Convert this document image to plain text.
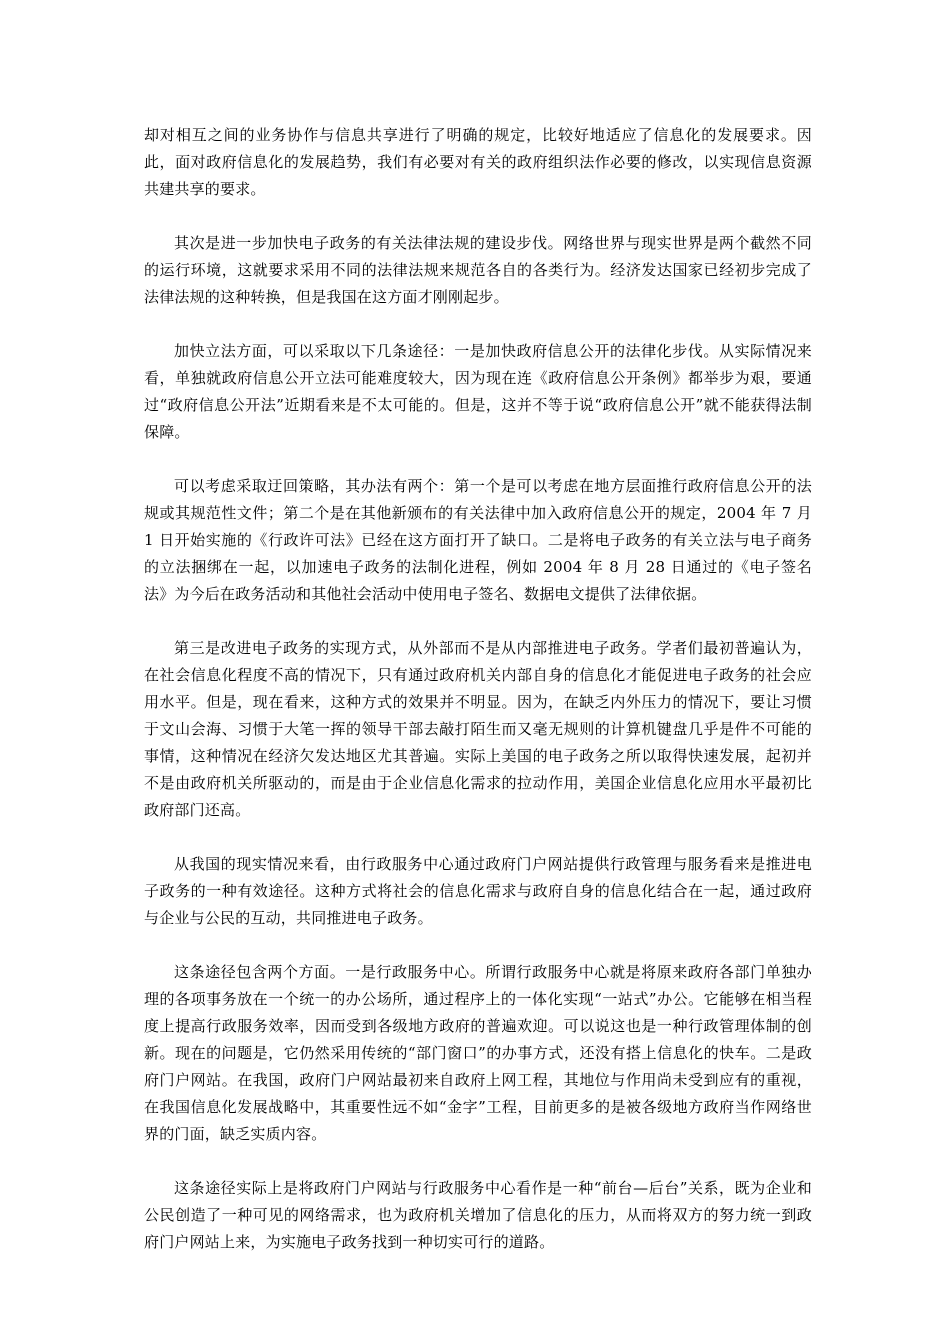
却对相互之间的业务协作与信息共享进行了明确的规定，比较好地适应了信息化的发展要求。因此，面对政府信息化的发展趋势，我们有必要对有关的政府组织法作必要的修改，以实现信息资源共建共享的要求。

其次是进一步加快电子政务的有关法律法规的建设步伐。网络世界与现实世界是两个截然不同的运行环境，这就要求采用不同的法律法规来规范各自的各类行为。经济发达国家已经初步完成了法律法规的这种转换，但是我国在这方面才刚刚起步。

加快立法方面，可以采取以下几条途径：一是加快政府信息公开的法律化步伐。从实际情况来看，单独就政府信息公开立法可能难度较大，因为现在连《政府信息公开条例》都举步为艰，要通过“政府信息公开法”近期看来是不太可能的。但是，这并不等于说“政府信息公开”就不能获得法制保障。

可以考虑采取迂回策略，其办法有两个：第一个是可以考虑在地方层面推行政府信息公开的法规或其规范性文件；第二个是在其他新颁布的有关法律中加入政府信息公开的规定，2004 年 7 月 1 日开始实施的《行政许可法》已经在这方面打开了缺口。二是将电子政务的有关立法与电子商务的立法捆绑在一起，以加速电子政务的法制化进程，例如 2004 年 8 月 28 日通过的《电子签名法》为今后在政务活动和其他社会活动中使用电子签名、数据电文提供了法律依据。

第三是改进电子政务的实现方式，从外部而不是从内部推进电子政务。学者们最初普遍认为，在社会信息化程度不高的情况下，只有通过政府机关内部自身的信息化才能促进电子政务的社会应用水平。但是，现在看来，这种方式的效果并不明显。因为，在缺乏内外压力的情况下，要让习惯于文山会海、习惯于大笔一挥的领导干部去敲打陌生而又毫无规则的计算机键盘几乎是件不可能的事情，这种情况在经济欠发达地区尤其普遍。实际上美国的电子政务之所以取得快速发展，起初并不是由政府机关所驱动的，而是由于企业信息化需求的拉动作用，美国企业信息化应用水平最初比政府部门还高。

从我国的现实情况来看，由行政服务中心通过政府门户网站提供行政管理与服务看来是推进电子政务的一种有效途径。这种方式将社会的信息化需求与政府自身的信息化结合在一起，通过政府与企业与公民的互动，共同推进电子政务。

这条途径包含两个方面。一是行政服务中心。所谓行政服务中心就是将原来政府各部门单独办理的各项事务放在一个统一的办公场所，通过程序上的一体化实现“一站式”办公。它能够在相当程度上提高行政服务效率，因而受到各级地方政府的普遍欢迎。可以说这也是一种行政管理体制的创新。现在的问题是，它仍然采用传统的“部门窗口”的办事方式，还没有搭上信息化的快车。二是政府门户网站。在我国，政府门户网站最初来自政府上网工程，其地位与作用尚未受到应有的重视，在我国信息化发展战略中，其重要性远不如“金字”工程，目前更多的是被各级地方政府当作网络世界的门面，缺乏实质内容。

这条途径实际上是将政府门户网站与行政服务中心看作是一种“前台—后台”关系，既为企业和公民创造了一种可见的网络需求，也为政府机关增加了信息化的压力，从而将双方的努力统一到政府门户网站上来，为实施电子政务找到一种切实可行的道路。
